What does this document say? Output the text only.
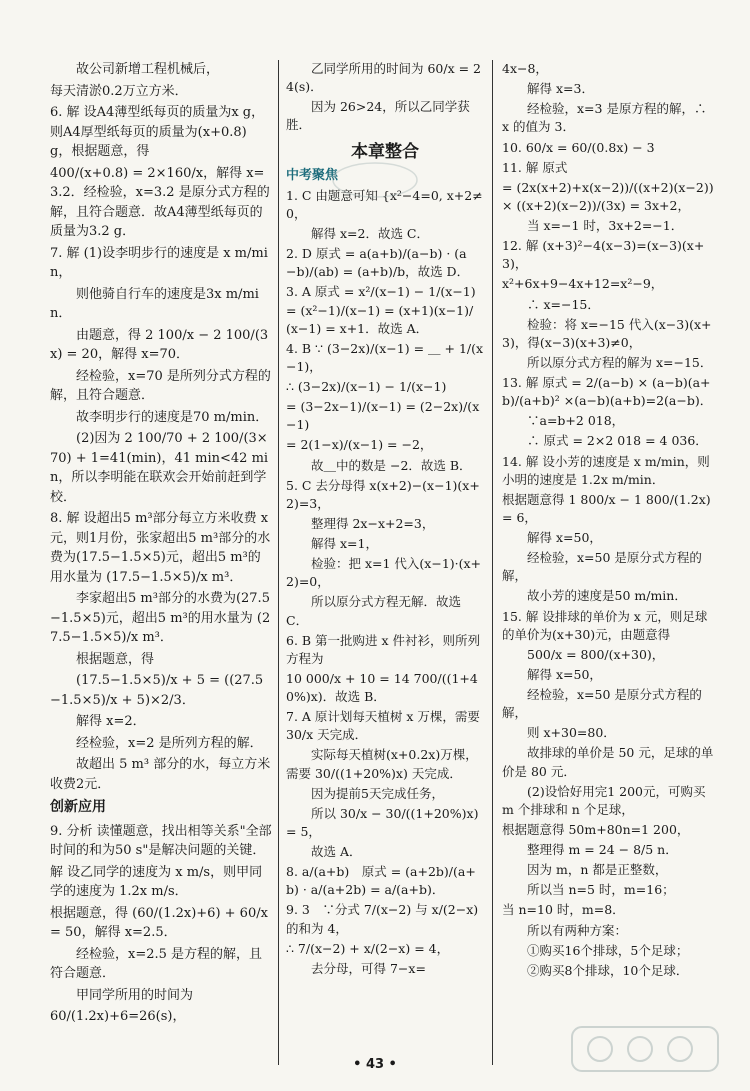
　　故公司新增工程机械后，
每天清淤0.2万立方米．
6. 解 设A4薄型纸每页的质量为x g，则A4厚型纸每页的质量为(x+0.8) g，根据题意，得
400/(x+0.8) = 2×160/x，解得 x=3.2．经检验，x=3.2 是原分式方程的解，且符合题意．故A4薄型纸每页的质量为3.2 g．
7. 解 (1)设李明步行的速度是 x m/min，
　　则他骑自行车的速度是3x m/min．
　　由题意，得 2 100/x − 2 100/(3x) = 20，解得 x=70．
　　经检验，x=70 是所列分式方程的解，且符合题意．
　　故李明步行的速度是70 m/min．
　　(2)因为 2 100/70 + 2 100/(3×70) + 1=41(min)，41 min<42 min，所以李明能在联欢会开始前赶到学校．
8. 解 设超出5 m³部分每立方米收费 x 元，则1月份，张家超出5 m³部分的水费为(17.5−1.5×5)元，超出5 m³的用水量为 (17.5−1.5×5)/x m³．
　　李家超出5 m³部分的水费为(27.5−1.5×5)元，超出5 m³的用水量为 (27.5−1.5×5)/x m³．
　　根据题意，得
　　(17.5−1.5×5)/x + 5 = ((27.5−1.5×5)/x + 5)×2/3．
　　解得 x=2．
　　经检验，x=2 是所列方程的解．
　　故超出 5 m³ 部分的水，每立方米收费2元．
创新应用
9. 分析 读懂题意，找出相等关系"全部时间的和为50 s"是解决问题的关键．
解 设乙同学的速度为 x m/s，则甲同学的速度为 1.2x m/s．
根据题意，得 (60/(1.2x)+6) + 60/x = 50，解得 x=2.5．
　　经检验，x=2.5 是方程的解，且符合题意．
　　甲同学所用的时间为
60/(1.2x)+6=26(s)，
　　乙同学所用的时间为 60/x = 24(s)．
　　因为 26>24，所以乙同学获胜．
本章整合
中考聚焦
1. C 由题意可知 {x²−4=0, x+2≠0，
　　解得 x=2．故选 C．
2. D 原式 = a(a+b)/(a−b) · (a−b)/(ab) = (a+b)/b，故选 D．
3. A 原式 = x²/(x−1) − 1/(x−1) = (x²−1)/(x−1) = (x+1)(x−1)/(x−1) = x+1．故选 A．
4. B ∵ (3−2x)/(x−1) = ＿ + 1/(x−1)，
∴ (3−2x)/(x−1) − 1/(x−1)
= (3−2x−1)/(x−1) = (2−2x)/(x−1)
= 2(1−x)/(x−1) = −2，
　　故＿中的数是 −2．故选 B．
5. C 去分母得 x(x+2)−(x−1)(x+2)=3，
　　整理得 2x−x+2=3，
　　解得 x=1，
　　检验：把 x=1 代入(x−1)·(x+2)=0，
　　所以原分式方程无解．故选 C．
6. B 第一批购进 x 件衬衫，则所列方程为
10 000/x + 10 = 14 700/((1+40%)x)．故选 B．
7. A 原计划每天植树 x 万棵，需要 30/x 天完成．
　　实际每天植树(x+0.2x)万棵，需要 30/((1+20%)x) 天完成．
　　因为提前5天完成任务，
　　所以 30/x − 30/((1+20%)x) = 5，
　　故选 A．
8. a/(a+b)　原式 = (a+2b)/(a+b) · a/(a+2b) = a/(a+b)．
9. 3　∵分式 7/(x−2) 与 x/(2−x) 的和为 4，
∴ 7/(x−2) + x/(2−x) = 4，
　　去分母，可得 7−x=
4x−8，
　　解得 x=3．
　　经检验，x=3 是原方程的解，∴ x 的值为 3．
10. 60/x = 60/(0.8x) − 3
11. 解 原式
= (2x(x+2)+x(x−2))/((x+2)(x−2)) × ((x+2)(x−2))/(3x) = 3x+2，
　　当 x=−1 时，3x+2=−1．
12. 解 (x+3)²−4(x−3)=(x−3)(x+3)，
x²+6x+9−4x+12=x²−9，
　　∴ x=−15．
　　检验：将 x=−15 代入(x−3)(x+3)，得(x−3)(x+3)≠0，
　　所以原分式方程的解为 x=−15．
13. 解 原式 = 2/(a−b) × (a−b)(a+b)/(a+b)² ×(a−b)(a+b)=2(a−b)．
　　∵a=b+2 018，
　　∴ 原式 = 2×2 018 = 4 036．
14. 解 设小芳的速度是 x m/min，则小明的速度是 1.2x m/min．
根据题意得 1 800/x − 1 800/(1.2x) = 6，
　　解得 x=50，
　　经检验，x=50 是原分式方程的解，
　　故小芳的速度是50 m/min．
15. 解 设排球的单价为 x 元，则足球的单价为(x+30)元，由题意得
　　500/x = 800/(x+30)，
　　解得 x=50，
　　经检验，x=50 是原分式方程的解，
　　则 x+30=80．
　　故排球的单价是 50 元，足球的单价是 80 元．
　　(2)设恰好用完1 200元，可购买 m 个排球和 n 个足球，
根据题意得 50m+80n=1 200，
　　整理得 m = 24 − 8/5 n．
　　因为 m，n 都是正整数，
　　所以当 n=5 时，m=16；
当 n=10 时，m=8．
　　所以有两种方案：
　　①购买16个排球，5个足球；
　　②购买8个排球，10个足球．
• 43 •
